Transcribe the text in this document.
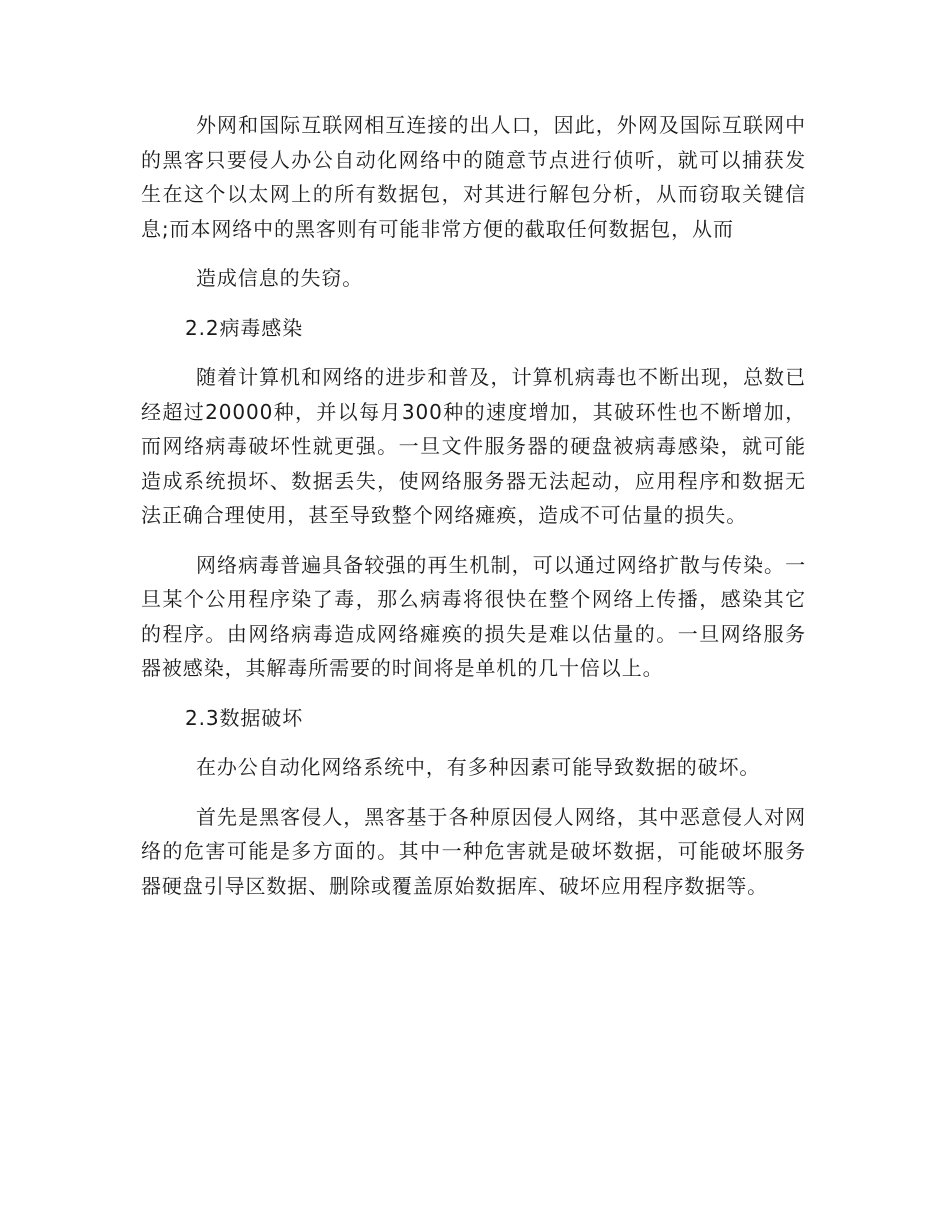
外网和国际互联网相互连接的出人口，因此，外网及国际互联网中的黑客只要侵人办公自动化网络中的随意节点进行侦听，就可以捕获发生在这个以太网上的所有数据包，对其进行解包分析，从而窃取关键信息;而本网络中的黑客则有可能非常方便的截取任何数据包，从而

造成信息的失窃。

2.2病毒感染

随着计算机和网络的进步和普及，计算机病毒也不断出现，总数已经超过20000种，并以每月300种的速度增加，其破环性也不断增加，而网络病毒破坏性就更强。一旦文件服务器的硬盘被病毒感染，就可能造成系统损坏、数据丢失，使网络服务器无法起动，应用程序和数据无法正确合理使用，甚至导致整个网络瘫痪，造成不可估量的损失。

网络病毒普遍具备较强的再生机制，可以通过网络扩散与传染。一旦某个公用程序染了毒，那么病毒将很快在整个网络上传播，感染其它的程序。由网络病毒造成网络瘫痪的损失是难以估量的。一旦网络服务器被感染，其解毒所需要的时间将是单机的几十倍以上。

2.3数据破坏

在办公自动化网络系统中，有多种因素可能导致数据的破坏。

首先是黑客侵人，黑客基于各种原因侵人网络，其中恶意侵人对网络的危害可能是多方面的。其中一种危害就是破坏数据，可能破坏服务器硬盘引导区数据、删除或覆盖原始数据库、破坏应用程序数据等。
